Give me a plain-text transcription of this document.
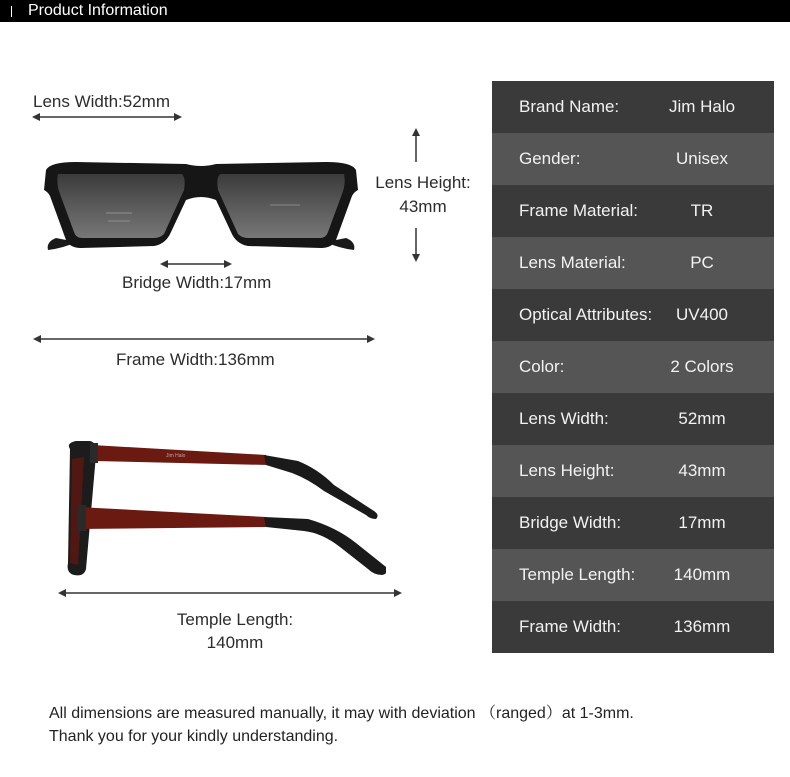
Product Information
Lens Width:52mm
Lens Height:
43mm
Bridge Width:17mm
Frame Width:136mm
Jim Halo
Temple Length:
140mm
Brand Name:	Jim Halo
Gender:	Unisex
Frame Material:	TR
Lens Material:	PC
Optical Attributes:	UV400
Color:	2 Colors
Lens Width:	52mm
Lens Height:	43mm
Bridge Width:	17mm
Temple Length:	140mm
Frame Width:	136mm
All dimensions are measured manually, it may with deviation （ranged）at 1-3mm.
Thank you for your kindly understanding.
